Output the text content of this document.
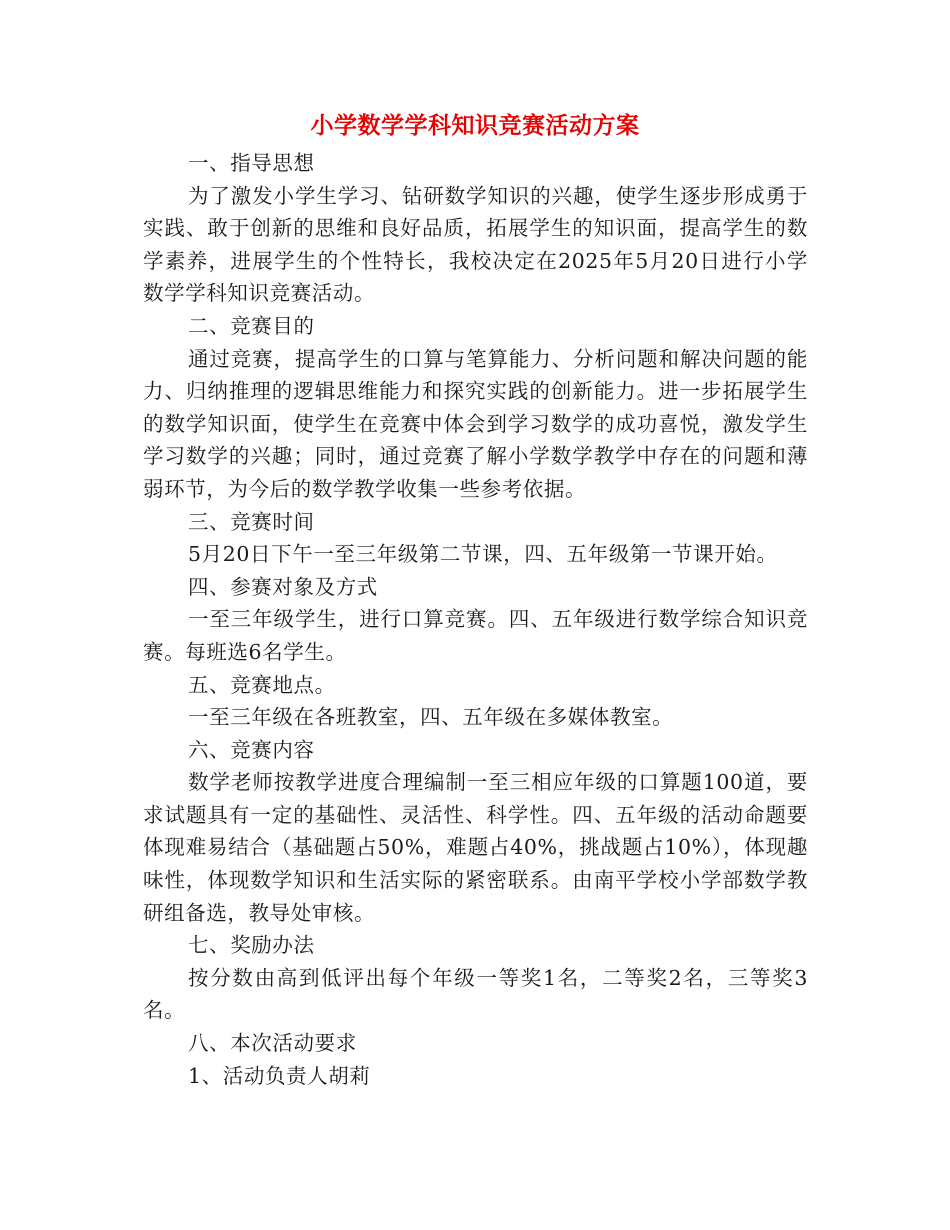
小学数学学科知识竞赛活动方案

一、指导思想

为了激发小学生学习、钻研数学知识的兴趣，使学生逐步形成勇于实践、敢于创新的思维和良好品质，拓展学生的知识面，提高学生的数学素养，进展学生的个性特长，我校决定在2025年5月20日进行小学数学学科知识竞赛活动。

二、竞赛目的

通过竞赛，提高学生的口算与笔算能力、分析问题和解决问题的能力、归纳推理的逻辑思维能力和探究实践的创新能力。进一步拓展学生的数学知识面，使学生在竞赛中体会到学习数学的成功喜悦，激发学生学习数学的兴趣；同时，通过竞赛了解小学数学教学中存在的问题和薄弱环节，为今后的数学教学收集一些参考依据。

三、竞赛时间

5月20日下午一至三年级第二节课，四、五年级第一节课开始。

四、参赛对象及方式

一至三年级学生，进行口算竞赛。四、五年级进行数学综合知识竞赛。每班选6名学生。

五、竞赛地点。

一至三年级在各班教室，四、五年级在多媒体教室。

六、竞赛内容

数学老师按教学进度合理编制一至三相应年级的口算题100道，要求试题具有一定的基础性、灵活性、科学性。四、五年级的活动命题要体现难易结合（基础题占50%，难题占40%，挑战题占10%），体现趣味性，体现数学知识和生活实际的紧密联系。由南平学校小学部数学教研组备选，教导处审核。

七、奖励办法

按分数由高到低评出每个年级一等奖1名，二等奖2名，三等奖3名。

八、本次活动要求

1、活动负责人胡莉
